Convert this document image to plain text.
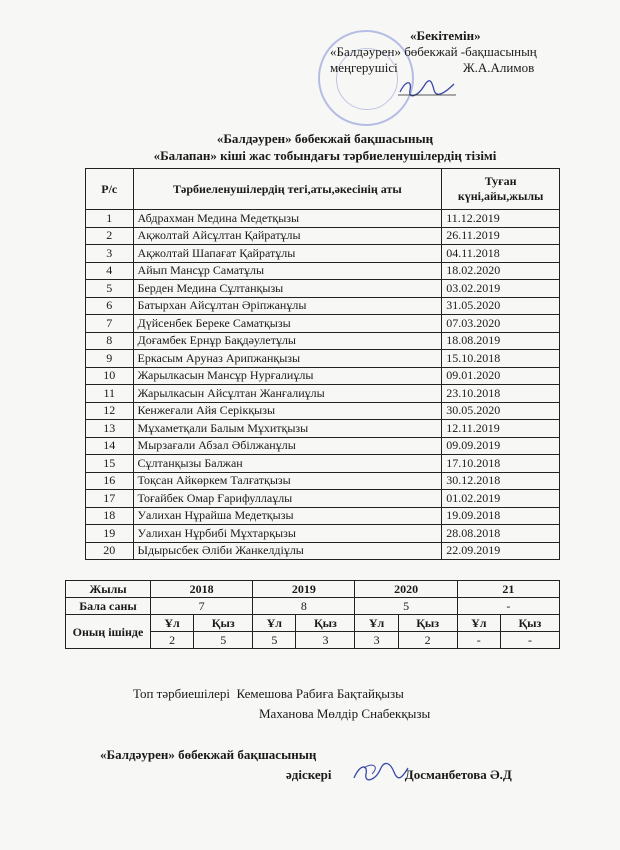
«Бекітемін»
«Балдәурен» бөбекжай -бақшасының
меңгерушісі	Ж.А.Алимов
«Балдәурен» бөбекжай бақшасының
«Балапан» кіші жас тобындағы тәрбиеленушілердің тізімі
Р/с	Тәрбиеленушілердің тегі,аты,әкесінің аты	Туған күні,айы,жылы
1	Абдрахман Медина Медетқызы	11.12.2019
2	Ақжолтай Айсұлтан Қайратұлы	26.11.2019
3	Ақжолтай Шапағат Қайратұлы	04.11.2018
4	Айып Мансұр Саматұлы	18.02.2020
5	Берден Медина Сұлтанқызы	03.02.2019
6	Батырхан Айсұлтан Әріпжанұлы	31.05.2020
7	Дүйсенбек Береке Саматқызы	07.03.2020
8	Доғамбек Ернұр Бақдәулетұлы	18.08.2019
9	Еркасым Аруназ Арипжанқызы	15.10.2018
10	Жарылкасын Мансұр Нурғалиұлы	09.01.2020
11	Жарылкасын Айсұлтан Жанғалиұлы	23.10.2018
12	Кенжеғали Айя Серікқызы	30.05.2020
13	Мұхаметқали Балым Мұхитқызы	12.11.2019
14	Мырзағали Абзал Әбілжанұлы	09.09.2019
15	Сұлтанқызы Балжан	17.10.2018
16	Тоқсан Айкөркем Талғатқызы	30.12.2018
17	Тоғайбек Омар Ғарифуллаұлы	01.02.2019
18	Уалихан Нұрайша Медетқызы	19.09.2018
19	Уалихан Нұрбибі Мұхтарқызы	28.08.2018
20	Ыдырысбек Әліби Жанкелдіұлы	22.09.2019
Жылы	2018		2019		2020		21	
Бала саны	7		8		5		-	
Оның ішінде	Ұл	Қыз	Ұл	Қыз	Ұл	Қыз	Ұл	Қыз
	2	5	5	3	3	2	-	-
Топ тәрбиешілері Кемешова Рабиға Бақтайқызы
Маханова Мөлдір Снабекқызы
«Балдәурен» бөбекжай бақшасының
әдіскері	Досманбетова Ә.Д
